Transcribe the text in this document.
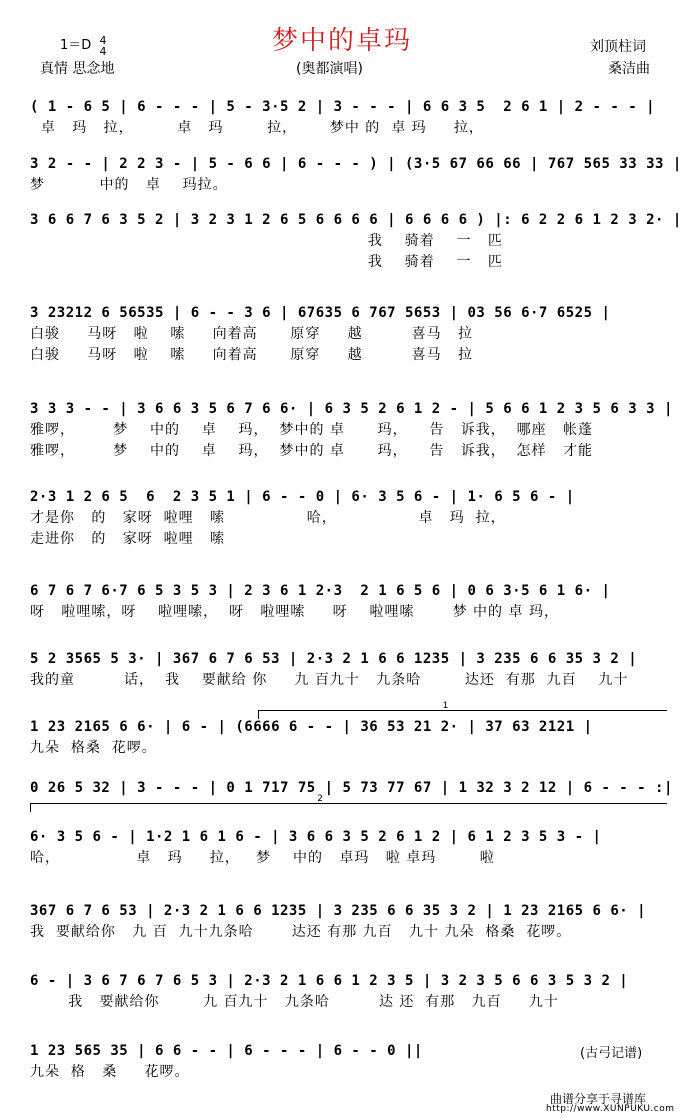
梦中的卓玛
1＝D 4
4
真情 思念地	(奥都演唱)
刘顶柱词
桑洁曲
( 1 - 6 5 | 6 - - - | 5 - 3·5 2 | 3 - - - | 6 6 3 5  2 6 1 | 2 - - - |
卓   玛   拉，        卓   玛        拉，      梦中 的  卓 玛     拉，
3 2 - - | 2 2 3 - | 5 - 6 6 | 6 - - - ) | (3·5 67 66 66 | 767 565 33 33 |
梦          中的   卓    玛拉。
3 6 6 7 6 3 5 2 | 3 2 3 1 2 6 5 6 6 6 6 | 6 6 6 6 ) |: 6 2 2 6 1 2 3 2· |
我    骑着    一   匹
我    骑着    一   匹
3 23212 6 56535 | 6 - - 3 6 | 67635 6 767 5653 | 03 56 6·7 6525 |
白骏     马呀   啦    嗦     向着高      原穿     越         喜马   拉
白骏     马呀   啦    嗦     向着高      原穿     越         喜马   拉
3 3 3 - - | 3 6 6 3 5 6 7 6 6· | 6 3 5 2 6 1 2 - | 5 6 6 1 2 3 5 6 3 3 |
雅啰，       梦    中的    卓    玛，  梦中的 卓      玛，    告   诉我，  哪座   帐蓬
雅啰，       梦    中的    卓    玛，  梦中的 卓      玛，    告   诉我，  怎样   才能
2·3 1 2 6 5  6  2 3 5 1 | 6 - - 0 | 6· 3 5 6 - | 1· 6 5 6 - |
才是你   的   家呀  啦哩   嗦               哈，               卓   玛  拉，
走进你   的   家呀  啦哩   嗦
6 7 6 7 6·7 6 5 3 5 3 | 2 3 6 1 2·3  2 1 6 5 6 | 0 6 3·5 6 1 6· |
呀   啦哩嗦，呀    啦哩嗦，  呀   啦哩嗦     呀    啦哩嗦       梦 中的 卓 玛，
5 2 3565 5 3· | 367 6 7 6 53 | 2·3 2 1 6 6 1235 | 3 235 6 6 35 3 2 |
我的童         话，  我    要献给 你     九 百九十   九条哈        达还  有那  九百    九十
1
1 23 2165 6 6· | 6 - | (6666 6 - - | 36 53 21 2· | 37 63 2121 |
九朵  格桑  花啰。
0 26 5 32 | 3 - - - | 0 1 717 75 | 5 73 77 67 | 1 32 3 2 12 | 6 - - - :|
2
6· 3 5 6 - | 1·2 1 6 1 6 - | 3 6 6 3 5 2 6 1 2 | 6 1 2 3 5 3 - |
哈，              卓   玛     拉，   梦    中的   卓玛   啦 卓玛        啦
367 6 7 6 53 | 2·3 2 1 6 6 1235 | 3 235 6 6 35 3 2 | 1 23 2165 6 6· |
我  要献给你   九 百  九十九条哈       达还 有那 九百   九十 九朵  格桑  花啰。
6 - | 3 6 7 6 7 6 5 3 | 2·3 2 1 6 6 1 2 3 5 | 3 2 3 5 6 6 3 5 3 2 |
我   要献给你        九 百九十   九条哈         达 还  有那   九百     九十
1 23 565 35 | 6 6 - - | 6 - - - | 6 - - 0 ||
九朵  格   桑     花啰。
(古弓记谱)
曲谱分享于寻谱库
http://www.XUNPUKU.com
